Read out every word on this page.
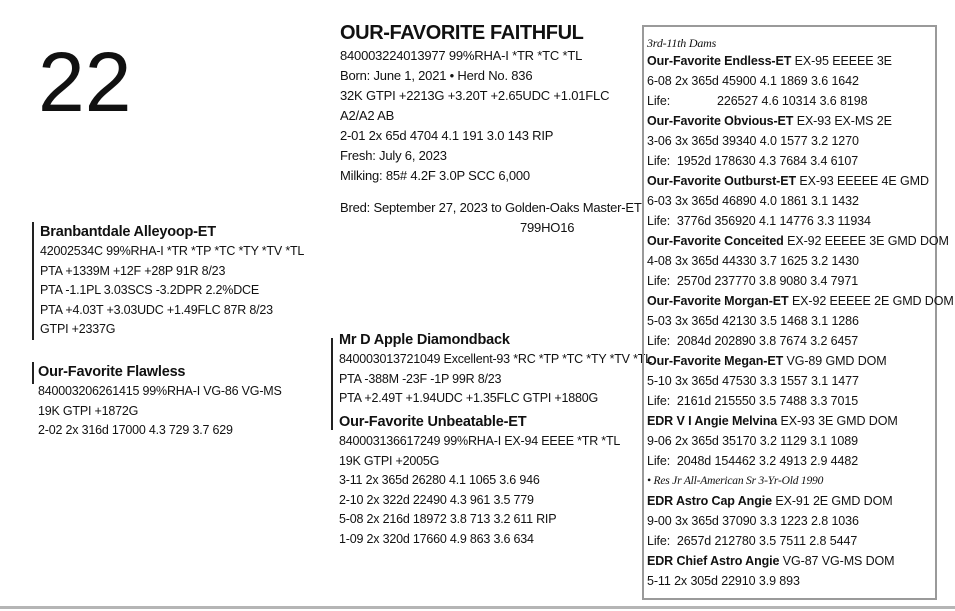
22
OUR-FAVORITE FAITHFUL
840003224013977 99%RHA-I *TR *TC *TL
Born: June 1, 2021 • Herd No. 836
32K GTPI +2213G +3.20T +2.65UDC +1.01FLC
A2/A2 AB
2-01 2x 65d 4704 4.1 191 3.0 143 RIP
Fresh: July 6, 2023
Milking: 85# 4.2F 3.0P SCC 6,000
Bred: September 27, 2023 to Golden-Oaks Master-ET
799HO16
Branbantdale Alleyoop-ET
42002534C 99%RHA-I *TR *TP *TC *TY *TV *TL
PTA +1339M +12F +28P 91R 8/23
PTA -1.1PL 3.03SCS -3.2DPR 2.2%DCE
PTA +4.03T +3.03UDC +1.49FLC 87R 8/23
GTPI +2337G
Our-Favorite Flawless
840003206261415 99%RHA-I VG-86 VG-MS
19K GTPI +1872G
2-02 2x 316d 17000 4.3 729 3.7 629
Mr D Apple Diamondback
840003013721049 Excellent-93 *RC *TP *TC *TY *TV *TL
PTA -388M -23F -1P 99R 8/23
PTA +2.49T +1.94UDC +1.35FLC GTPI +1880G
Our-Favorite Unbeatable-ET
840003136617249 99%RHA-I EX-94 EEEE *TR *TL
19K GTPI +2005G
3-11 2x 365d 26280 4.1 1065 3.6 946
2-10 2x 322d 22490 4.3 961 3.5 779
5-08 2x 216d 18972 3.8 713 3.2 611 RIP
1-09 2x 320d 17660 4.9 863 3.6 634
3rd-11th Dams
Our-Favorite Endless-ET EX-95 EEEEE 3E
6-08 2x 365d 45900 4.1 1869 3.6 1642
Life:	226527 4.6 10314 3.6 8198
Our-Favorite Obvious-ET EX-93 EX-MS 2E
3-06 3x 365d 39340 4.0 1577 3.2 1270
Life: 1952d 178630 4.3 7684 3.4 6107
Our-Favorite Outburst-ET EX-93 EEEEE 4E GMD
6-03 3x 365d 46890 4.0 1861 3.1 1432
Life: 3776d 356920 4.1 14776 3.3 11934
Our-Favorite Conceited EX-92 EEEEE 3E GMD DOM
4-08 3x 365d 44330 3.7 1625 3.2 1430
Life: 2570d 237770 3.8 9080 3.4 7971
Our-Favorite Morgan-ET EX-92 EEEEE 2E GMD DOM
5-03 3x 365d 42130 3.5 1468 3.1 1286
Life: 2084d 202890 3.8 7674 3.2 6457
Our-Favorite Megan-ET VG-89 GMD DOM
5-10 3x 365d 47530 3.3 1557 3.1 1477
Life: 2161d 215550 3.5 7488 3.3 7015
EDR V I Angie Melvina EX-93 3E GMD DOM
9-06 2x 365d 35170 3.2 1129 3.1 1089
Life: 2048d 154462 3.2 4913 2.9 4482
• Res Jr All-American Sr 3-Yr-Old 1990
EDR Astro Cap Angie EX-91 2E GMD DOM
9-00 3x 365d 37090 3.3 1223 2.8 1036
Life: 2657d 212780 3.5 7511 2.8 5447
EDR Chief Astro Angie VG-87 VG-MS DOM
5-11 2x 305d 22910 3.9 893
